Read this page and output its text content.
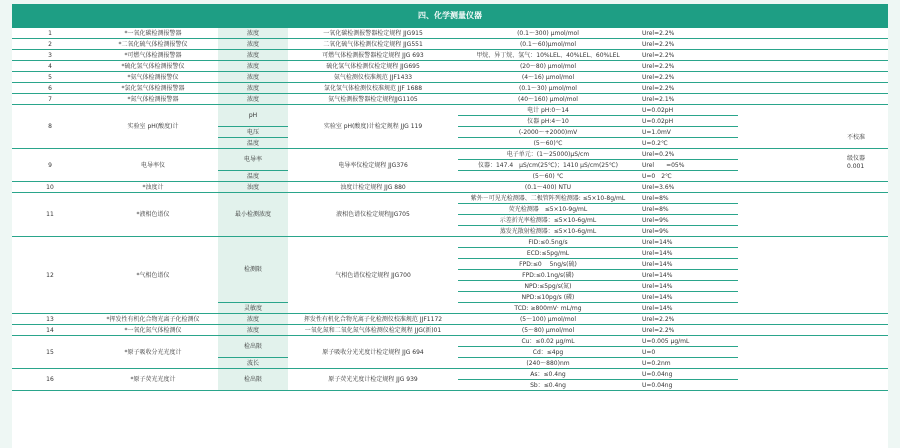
四、化学测量仪器
1	*一氧化碳检测报警器	浓度	一氧化碳检测报警器检定规程 JJG915	(0.1～300) μmol/mol	Urel=2.2%	
2	*二氧化硫气体检测报警仪	浓度	二氧化硫气体检测仪检定规程 JJG551	(0.1～60)μmol/mol	Urel=2.2%	
3	*可燃气体检测报警器	浓度	可燃气体检测报警器检定规程 JJG 693	甲烷、异丁烷、氢气：10%LEL、40%LEL、60%LEL	Urel=2.2%	
4	*硫化氢气体检测报警仪	浓度	硫化氢气体检测仪检定规程 JJG695	(20～80) μmol/mol	Urel=2.2%	
5	*氨气体检测报警仪	浓度	氨气检测仪校准规范 JJF1433	(4～16) μmol/mol	Urel=2.2%	
6	*氯化氢气体检测报警器	浓度	氯化氢气体检测仪校准规范 JJF 1688	(0.1～30) μmol/mol	Urel=2.2%	
7	*氮气体检测报警器	浓度	氨气检测报警器检定规程JJG1105	(40～160) μmol/mol	Urel=2.1%	
8	实验室 pH(酸度)计	pH	实验室 pH(酸度)计检定规程 JJG 119	电计 pH:0～14	U=0.02pH	
				仪器 pH:4～10	U=0.02pH	
		电压		(-2000～+2000)mV	U=1.0mV	
		温度		(5～60)℃	U=0.2℃	
9	电导率仪	电导率	电导率仪检定规程 JJG376	电子单元：(1～25000)μS/cm	Urel=0.2%	
				仪器：147.4　μS/cm(25℃)；1410 μS/cm(25℃)	Urel　　=05%	
		温度		(5～60) ℃	U=0　2℃	
10	*浊度计	浊度	浊度计检定规程 JJG 880	(0.1～400) NTU	Urel=3.6%	
11	*液相色谱仪	最小检测浓度	液相色谱仪检定规程JJG705	紫外－可见光检测器、二极管阵列检测器: ≤5×10-8g/mL	Urel=8%	
				荧光检测器　≤5×10-9g/mL	Urel=8%	
				示差折光率检测器：≤5×10-6g/mL	Urel=9%	
				蒸发光散射检测器：≤5×10-6g/mL	Urel=9%	
12	*气相色谱仪	检测限	气相色谱仪检定规程 JJG700	FID:≤0.5ng/s	Urel=14%	
				ECD:≤5pg/mL	Urel=14%	
				FPD:≤0　 5ng/s(硫)	Urel=14%	
				FPD:≤0.1ng/s(磷)	Urel=14%	
				NPD:≤5pg/s(氮)	Urel=14%	
				NPD:≤10pg/s (磷)	Urel=14%	
		灵敏度		TCD: ≥800mV· mL/mg	Urel=14%	
13	*挥发性有机化合物光离子化检测仪	浓度	挥发性有机化合物光离子化检测仪校准规范 JJF1172	(5～100) μmol/mol	Urel=2.2%	
14	*一氧化氮气体检测仪	浓度	一氧化氮和二氧化氮气体检测仪检定规程 JJG(新)01	(5～80) μmol/mol	Urel=2.2%	
15	*原子吸收分光光度计	检出限	原子吸收分光光度计检定规程 JJG 694	Cu：≤0.02 μg/mL	U=0.005 μg/mL	
				Cd：≤4pg	U=0	
		波长		(240～880)nm	U=0.2nm	
16	*原子荧光光度计	检出限	原子荧光光度计检定规程 JJG 939	As：≤0.4ng	U=0.04ng	
				Sb：≤0.4ng	U=0.04ng	
不校准
级仪器
0.001
